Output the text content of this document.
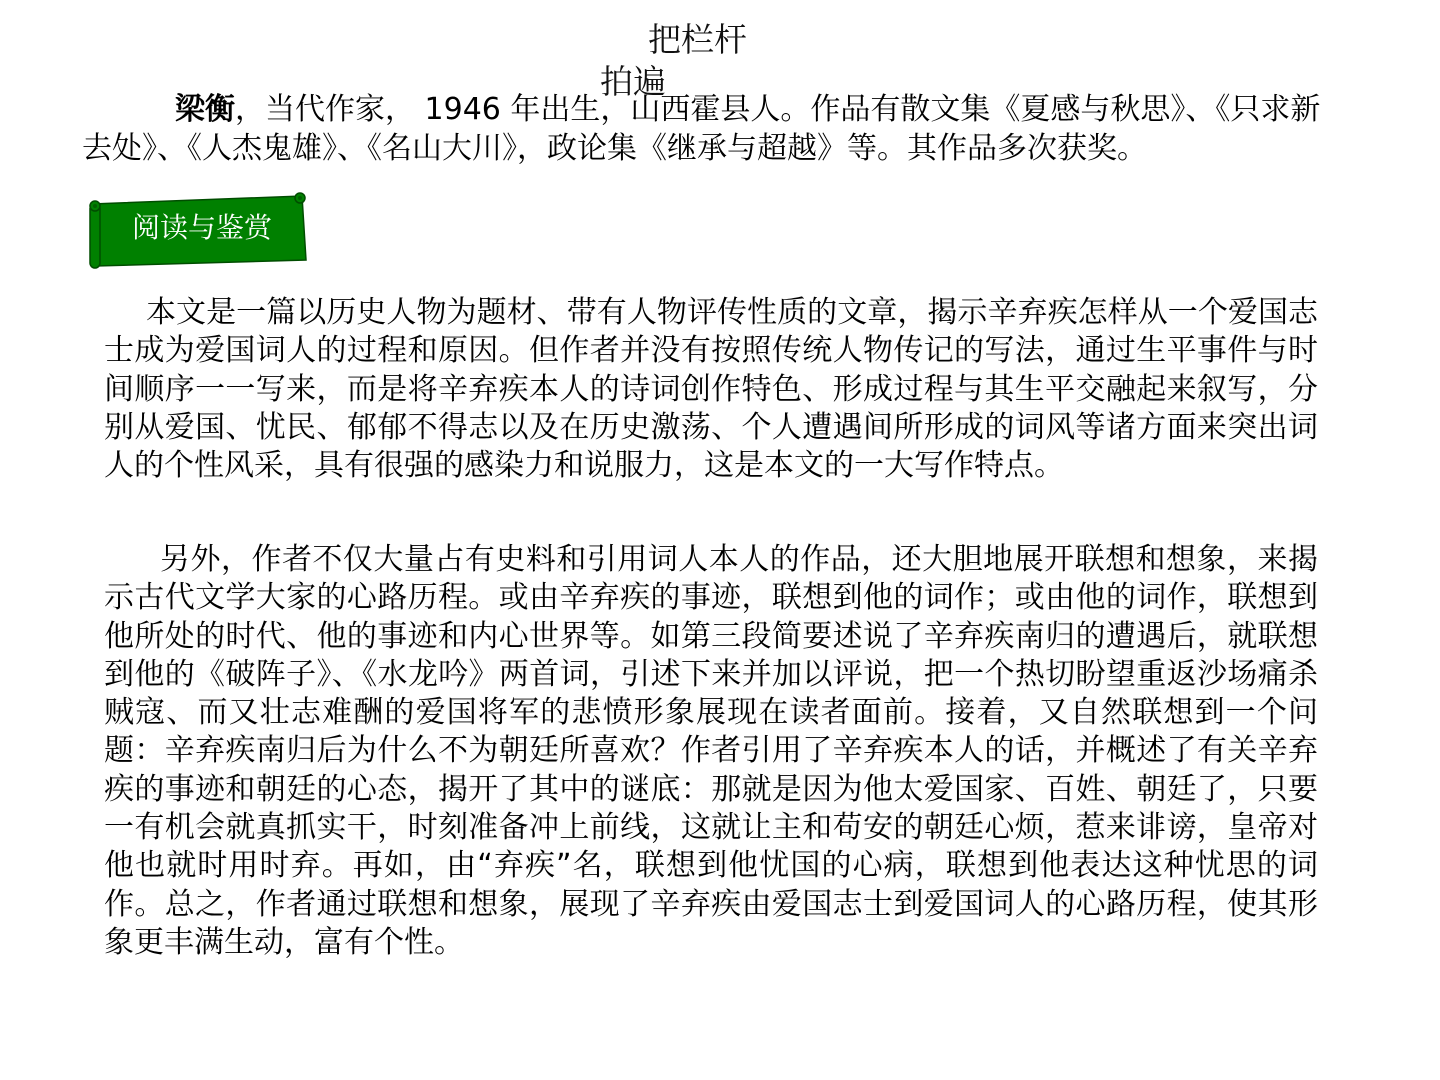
把栏杆
拍遍
梁衡，当代作家， 1946 年出生，山西霍县人。作品有散文集《夏感与秋思》、《只求新去处》、《人杰鬼雄》、《名山大川》，政论集《继承与超越》等。其作品多次获奖。
阅读与鉴赏
本文是一篇以历史人物为题材、带有人物评传性质的文章，揭示辛弃疾怎样从一个爱国志士成为爱国词人的过程和原因。但作者并没有按照传统人物传记的写法，通过生平事件与时间顺序一一写来，而是将辛弃疾本人的诗词创作特色、形成过程与其生平交融起来叙写，分别从爱国、忧民、郁郁不得志以及在历史激荡、个人遭遇间所形成的词风等诸方面来突出词人的个性风采，具有很强的感染力和说服力，这是本文的一大写作特点。
另外，作者不仅大量占有史料和引用词人本人的作品，还大胆地展开联想和想象，来揭示古代文学大家的心路历程。或由辛弃疾的事迹，联想到他的词作；或由他的词作，联想到他所处的时代、他的事迹和内心世界等。如第三段简要述说了辛弃疾南归的遭遇后，就联想到他的《破阵子》、《水龙吟》两首词，引述下来并加以评说，把一个热切盼望重返沙场痛杀贼寇、而又壮志难酬的爱国将军的悲愤形象展现在读者面前。接着，又自然联想到一个问题：辛弃疾南归后为什么不为朝廷所喜欢？作者引用了辛弃疾本人的话，并概述了有关辛弃疾的事迹和朝廷的心态，揭开了其中的谜底：那就是因为他太爱国家、百姓、朝廷了，只要一有机会就真抓实干，时刻准备冲上前线，这就让主和苟安的朝廷心烦，惹来诽谤，皇帝对他也就时用时弃。再如，由“弃疾”名，联想到他忧国的心病，联想到他表达这种忧思的词作。总之，作者通过联想和想象，展现了辛弃疾由爱国志士到爱国词人的心路历程，使其形象更丰满生动，富有个性。
